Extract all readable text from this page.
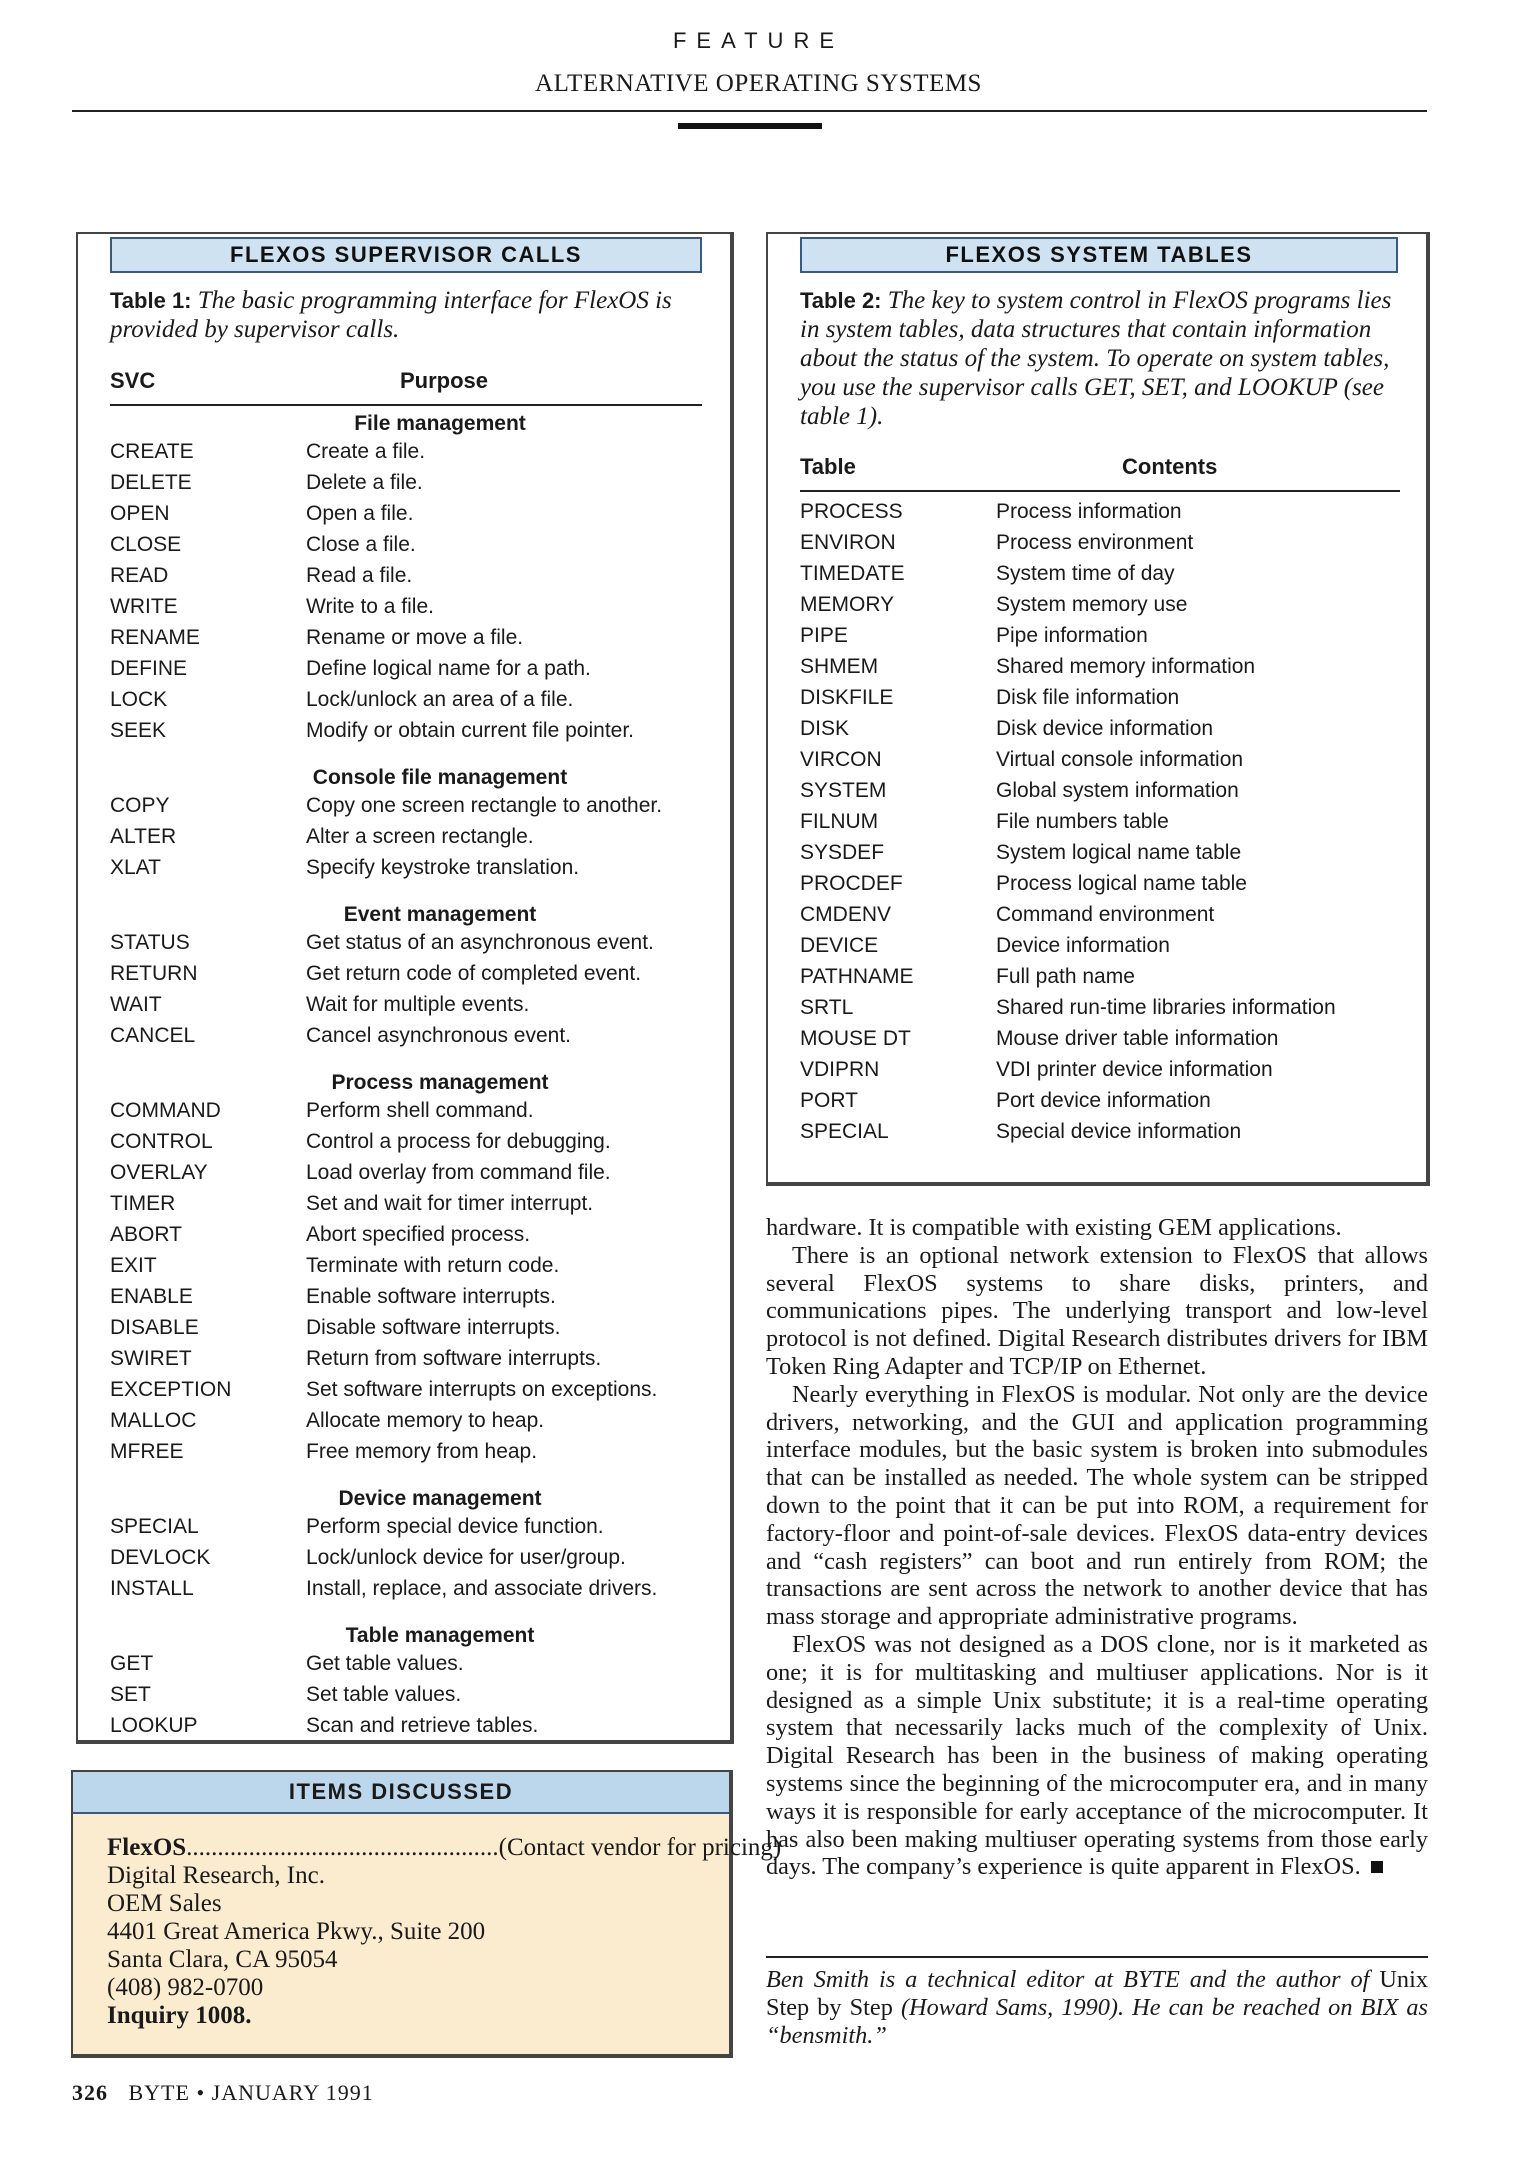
FEATURE
ALTERNATIVE OPERATING SYSTEMS
FLEXOS SUPERVISOR CALLS
Table 1: The basic programming interface for FlexOS is provided by supervisor calls.
SVC	Purpose
File management
CREATE	Create a file.
DELETE	Delete a file.
OPEN	Open a file.
CLOSE	Close a file.
READ	Read a file.
WRITE	Write to a file.
RENAME	Rename or move a file.
DEFINE	Define logical name for a path.
LOCK	Lock/unlock an area of a file.
SEEK	Modify or obtain current file pointer.
Console file management
COPY	Copy one screen rectangle to another.
ALTER	Alter a screen rectangle.
XLAT	Specify keystroke translation.
Event management
STATUS	Get status of an asynchronous event.
RETURN	Get return code of completed event.
WAIT	Wait for multiple events.
CANCEL	Cancel asynchronous event.
Process management
COMMAND	Perform shell command.
CONTROL	Control a process for debugging.
OVERLAY	Load overlay from command file.
TIMER	Set and wait for timer interrupt.
ABORT	Abort specified process.
EXIT	Terminate with return code.
ENABLE	Enable software interrupts.
DISABLE	Disable software interrupts.
SWIRET	Return from software interrupts.
EXCEPTION	Set software interrupts on exceptions.
MALLOC	Allocate memory to heap.
MFREE	Free memory from heap.
Device management
SPECIAL	Perform special device function.
DEVLOCK	Lock/unlock device for user/group.
INSTALL	Install, replace, and associate drivers.
Table management
GET	Get table values.
SET	Set table values.
LOOKUP	Scan and retrieve tables.
FLEXOS SYSTEM TABLES
Table 2: The key to system control in FlexOS programs lies in system tables, data structures that contain information about the status of the system. To operate on system tables, you use the supervisor calls GET, SET, and LOOKUP (see table 1).
Table	Contents
PROCESS	Process information
ENVIRON	Process environment
TIMEDATE	System time of day
MEMORY	System memory use
PIPE	Pipe information
SHMEM	Shared memory information
DISKFILE	Disk file information
DISK	Disk device information
VIRCON	Virtual console information
SYSTEM	Global system information
FILNUM	File numbers table
SYSDEF	System logical name table
PROCDEF	Process logical name table
CMDENV	Command environment
DEVICE	Device information
PATHNAME	Full path name
SRTL	Shared run-time libraries information
MOUSE DT	Mouse driver table information
VDIPRN	VDI printer device information
PORT	Port device information
SPECIAL	Special device information
ITEMS DISCUSSED
FlexOS .................................................. (Contact vendor for pricing)
Digital Research, Inc.
OEM Sales
4401 Great America Pkwy., Suite 200
Santa Clara, CA 95054
(408) 982-0700
Inquiry 1008.

hardware. It is compatible with existing GEM applications.

There is an optional network extension to FlexOS that allows several FlexOS systems to share disks, printers, and communications pipes. The underlying transport and low-level protocol is not defined. Digital Research distributes drivers for IBM Token Ring Adapter and TCP/IP on Ethernet.

Nearly everything in FlexOS is modular. Not only are the device drivers, networking, and the GUI and application programming interface modules, but the basic system is broken into submodules that can be installed as needed. The whole system can be stripped down to the point that it can be put into ROM, a requirement for factory-floor and point-of-sale devices. FlexOS data-entry devices and “cash registers” can boot and run entirely from ROM; the transactions are sent across the network to another device that has mass storage and appropriate administrative programs.

FlexOS was not designed as a DOS clone, nor is it marketed as one; it is for multitasking and multiuser applications. Nor is it designed as a simple Unix substitute; it is a real-time operating system that necessarily lacks much of the complexity of Unix. Digital Research has been in the business of making operating systems since the beginning of the microcomputer era, and in many ways it is responsible for early acceptance of the microcomputer. It has also been making multiuser operating systems from those early days. The company’s experience is quite apparent in FlexOS.

Ben Smith is a technical editor at BYTE and the author of Unix Step by Step (Howard Sams, 1990). He can be reached on BIX as “bensmith.”
326 BYTE • JANUARY 1991
